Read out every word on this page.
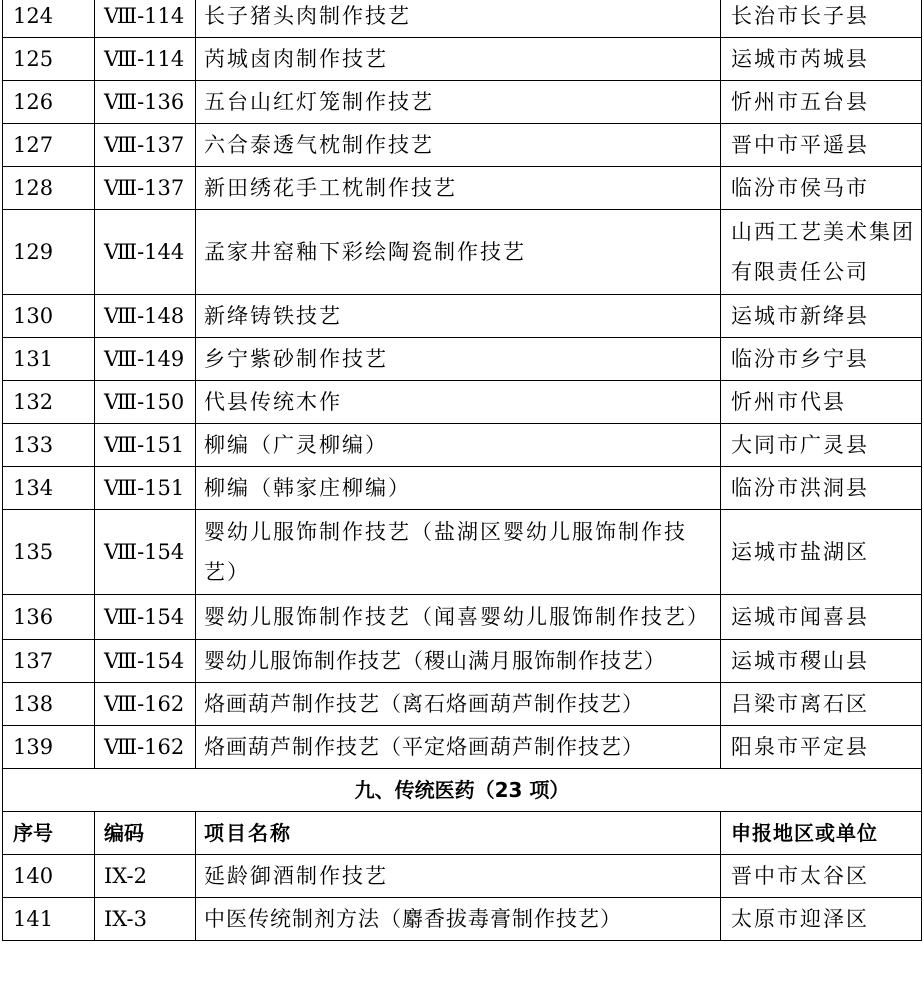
124	Ⅷ-114	长子猪头肉制作技艺	长治市长子县
125	Ⅷ-114	芮城卤肉制作技艺	运城市芮城县
126	Ⅷ-136	五台山红灯笼制作技艺	忻州市五台县
127	Ⅷ-137	六合泰透气枕制作技艺	晋中市平遥县
128	Ⅷ-137	新田绣花手工枕制作技艺	临汾市侯马市
129	Ⅷ-144	孟家井窑釉下彩绘陶瓷制作技艺	山西工艺美术集团有限责任公司
130	Ⅷ-148	新绛铸铁技艺	运城市新绛县
131	Ⅷ-149	乡宁紫砂制作技艺	临汾市乡宁县
132	Ⅷ-150	代县传统木作	忻州市代县
133	Ⅷ-151	柳编（广灵柳编）	大同市广灵县
134	Ⅷ-151	柳编（韩家庄柳编）	临汾市洪洞县
135	Ⅷ-154	婴幼儿服饰制作技艺（盐湖区婴幼儿服饰制作技艺）	运城市盐湖区
136	Ⅷ-154	婴幼儿服饰制作技艺（闻喜婴幼儿服饰制作技艺）	运城市闻喜县
137	Ⅷ-154	婴幼儿服饰制作技艺（稷山满月服饰制作技艺）	运城市稷山县
138	Ⅷ-162	烙画葫芦制作技艺（离石烙画葫芦制作技艺）	吕梁市离石区
139	Ⅷ-162	烙画葫芦制作技艺（平定烙画葫芦制作技艺）	阳泉市平定县
九、传统医药（23 项）			
序号	编码	项目名称	申报地区或单位
140	IX-2	延龄御酒制作技艺	晋中市太谷区
141	IX-3	中医传统制剂方法（麝香拔毒膏制作技艺）	太原市迎泽区
